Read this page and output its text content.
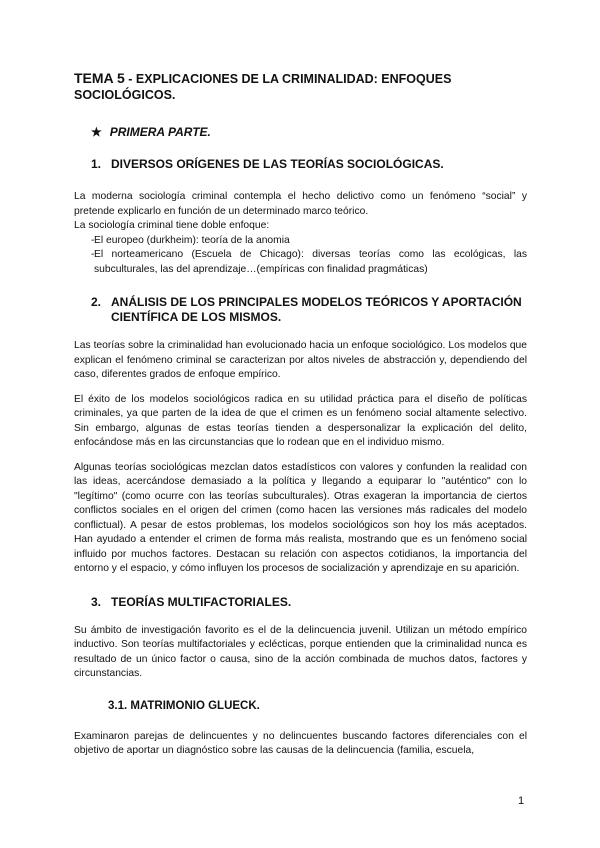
TEMA 5 - EXPLICACIONES DE LA CRIMINALIDAD: ENFOQUES SOCIOLÓGICOS.
★ PRIMERA PARTE.
1. DIVERSOS ORÍGENES DE LAS TEORÍAS SOCIOLÓGICAS.

La moderna sociología criminal contempla el hecho delictivo como un fenómeno “social” y pretende explicarlo en función de un determinado marco teórico.

La sociología criminal tiene doble enfoque:

- El europeo (durkheim): teoría de la anomia
- El norteamericano (Escuela de Chicago): diversas teorías como las ecológicas, las subculturales, las del aprendizaje…(empíricas con finalidad pragmáticas)
2. ANÁLISIS DE LOS PRINCIPALES MODELOS TEÓRICOS Y APORTACIÓN CIENTÍFICA DE LOS MISMOS.

Las teorías sobre la criminalidad han evolucionado hacia un enfoque sociológico. Los modelos que explican el fenómeno criminal se caracterizan por altos niveles de abstracción y, dependiendo del caso, diferentes grados de enfoque empírico.

El éxito de los modelos sociológicos radica en su utilidad práctica para el diseño de políticas criminales, ya que parten de la idea de que el crimen es un fenómeno social altamente selectivo. Sin embargo, algunas de estas teorías tienden a despersonalizar la explicación del delito, enfocándose más en las circunstancias que lo rodean que en el individuo mismo.

Algunas teorías sociológicas mezclan datos estadísticos con valores y confunden la realidad con las ideas, acercándose demasiado a la política y llegando a equiparar lo "auténtico" con lo "legítimo" (como ocurre con las teorías subculturales). Otras exageran la importancia de ciertos conflictos sociales en el origen del crimen (como hacen las versiones más radicales del modelo conflictual). A pesar de estos problemas, los modelos sociológicos son hoy los más aceptados. Han ayudado a entender el crimen de forma más realista, mostrando que es un fenómeno social influido por muchos factores. Destacan su relación con aspectos cotidianos, la importancia del entorno y el espacio, y cómo influyen los procesos de socialización y aprendizaje en su aparición.

3. TEORÍAS MULTIFACTORIALES.

Su ámbito de investigación favorito es el de la delincuencia juvenil. Utilizan un método empírico inductivo. Son teorías multifactoriales y eclécticas, porque entienden que la criminalidad nunca es resultado de un único factor o causa, sino de la acción combinada de muchos datos, factores y circunstancias.

3.1. MATRIMONIO GLUECK.

Examinaron parejas de delincuentes y no delincuentes buscando factores diferenciales con el objetivo de aportar un diagnóstico sobre las causas de la delincuencia (familia, escuela,

1
